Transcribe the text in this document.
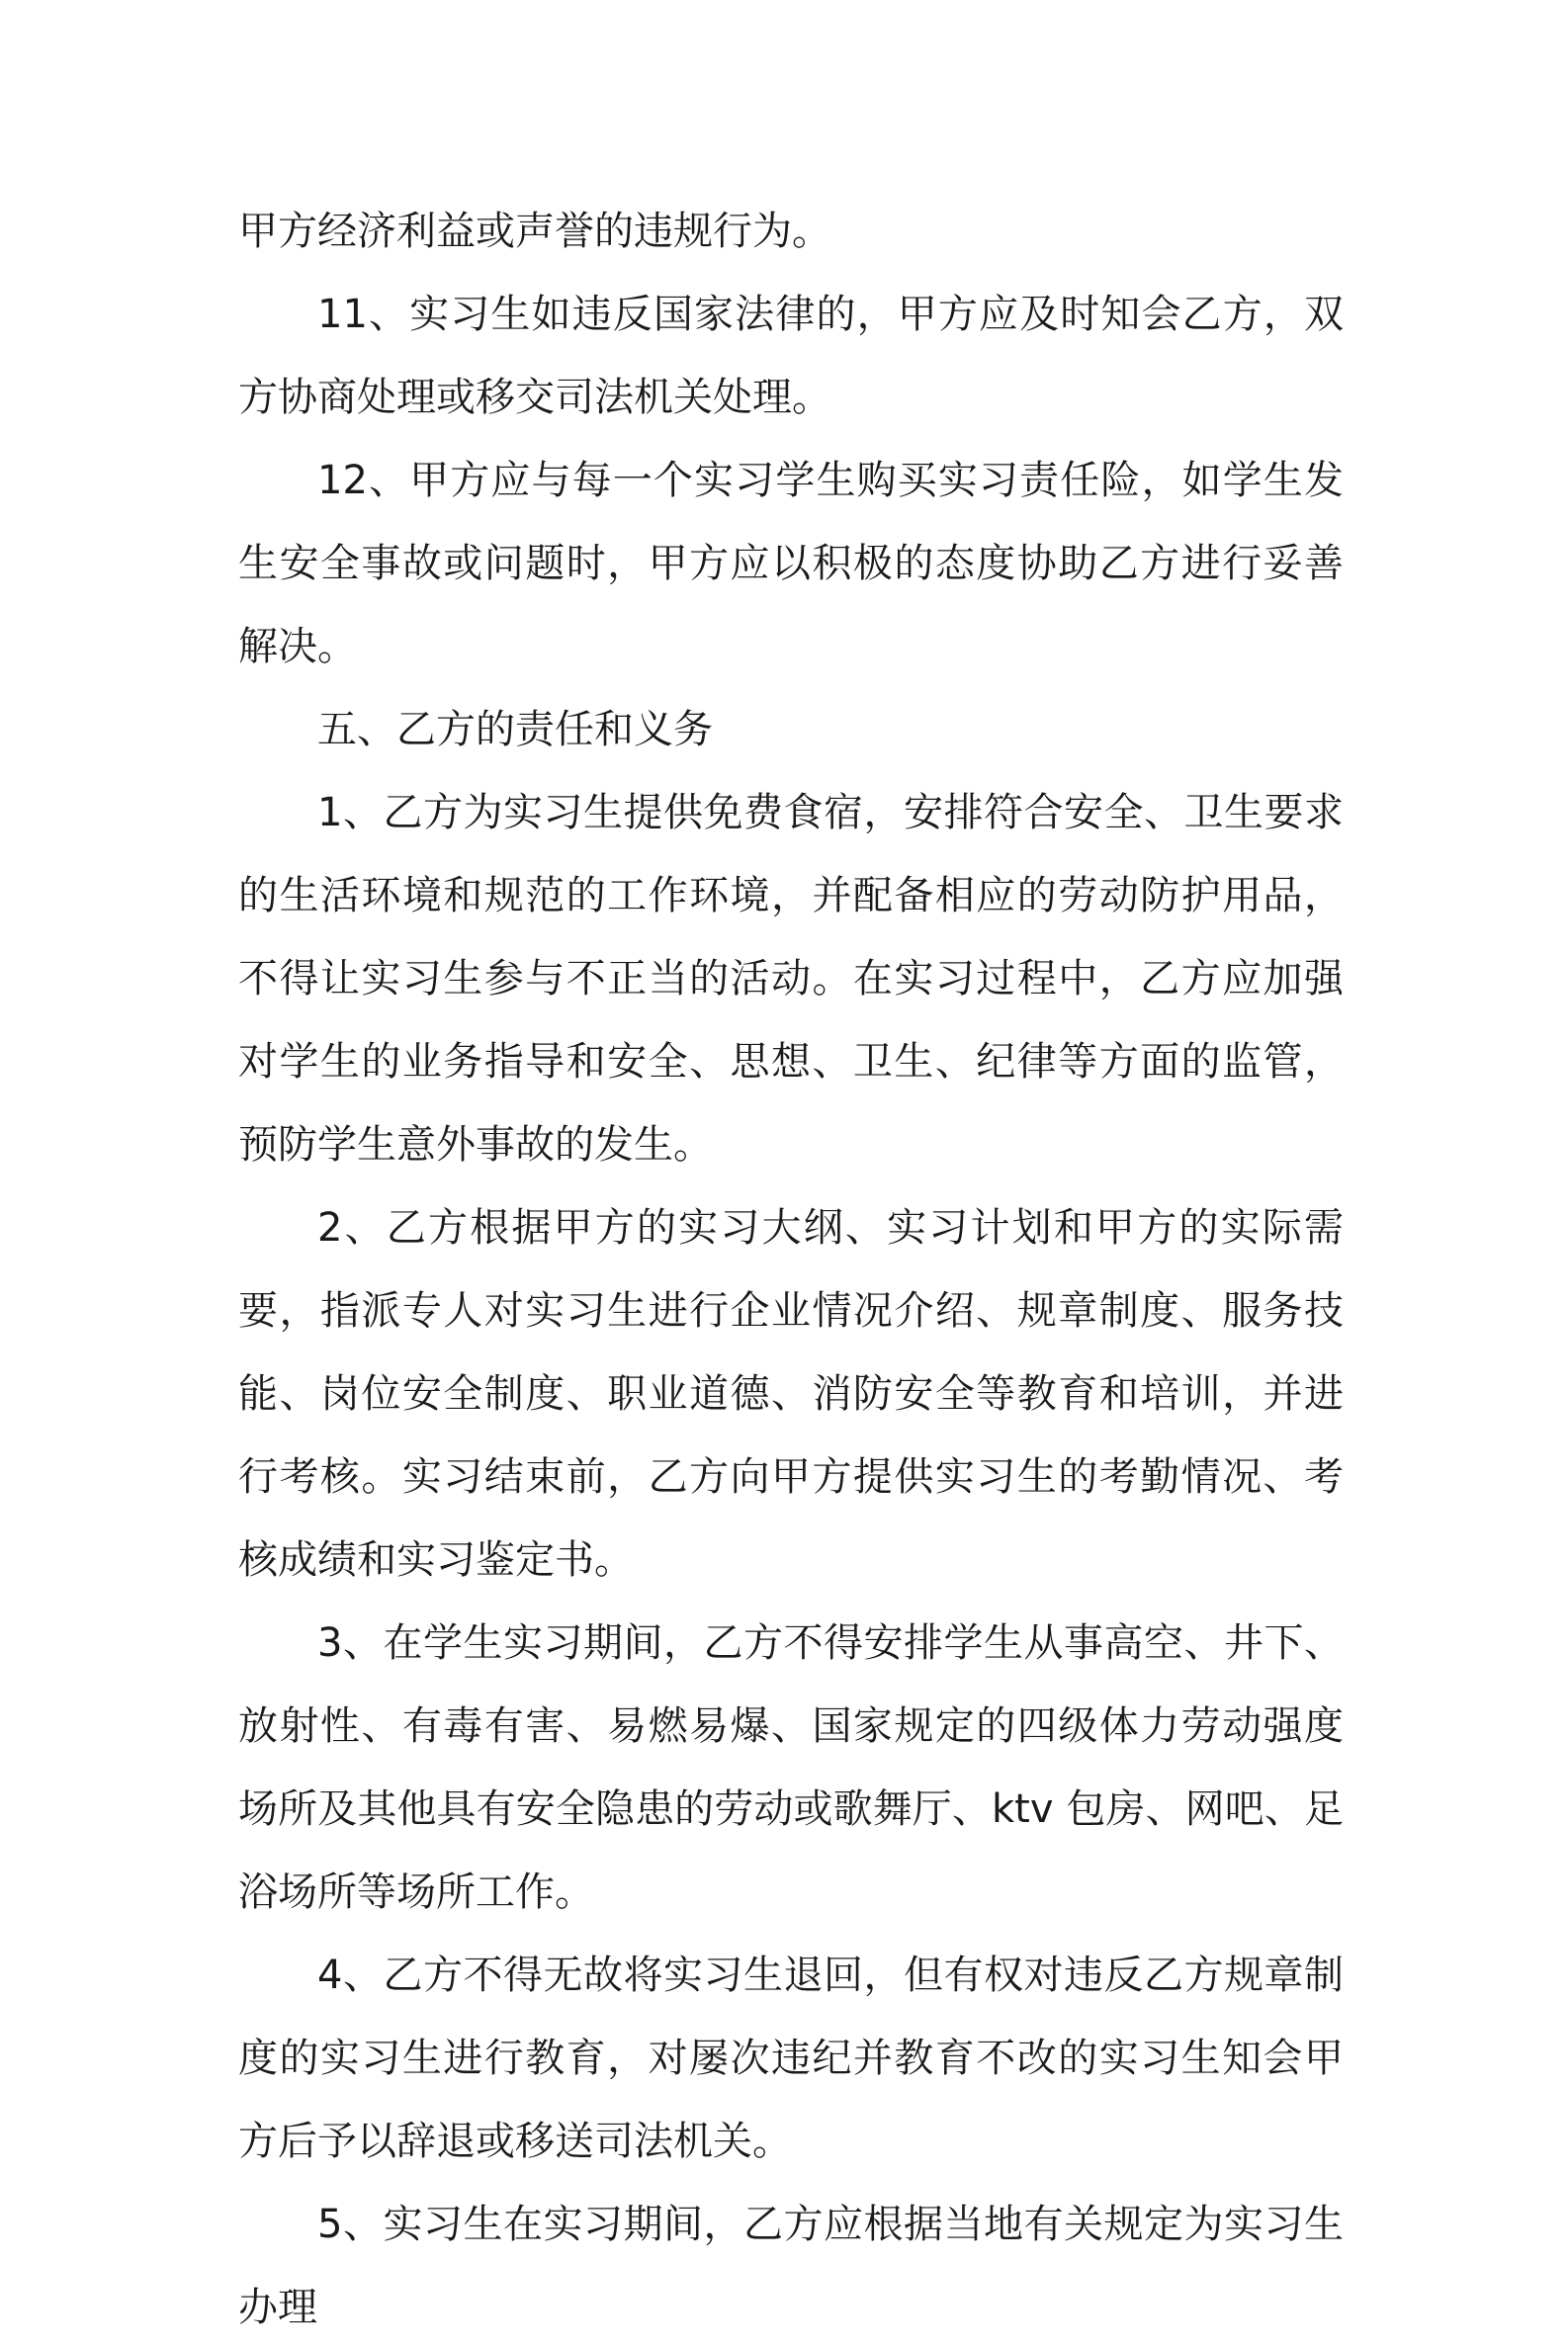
甲方经济利益或声誉的违规行为。

11、实习生如违反国家法律的，甲方应及时知会乙方，双方协商处理或移交司法机关处理。

12、甲方应与每一个实习学生购买实习责任险，如学生发生安全事故或问题时，甲方应以积极的态度协助乙方进行妥善解决。

五、乙方的责任和义务

1、乙方为实习生提供免费食宿，安排符合安全、卫生要求的生活环境和规范的工作环境，并配备相应的劳动防护用品，不得让实习生参与不正当的活动。在实习过程中，乙方应加强对学生的业务指导和安全、思想、卫生、纪律等方面的监管，预防学生意外事故的发生。

2、乙方根据甲方的实习大纲、实习计划和甲方的实际需要，指派专人对实习生进行企业情况介绍、规章制度、服务技能、岗位安全制度、职业道德、消防安全等教育和培训，并进行考核。实习结束前，乙方向甲方提供实习生的考勤情况、考核成绩和实习鉴定书。

3、在学生实习期间，乙方不得安排学生从事高空、井下、放射性、有毒有害、易燃易爆、国家规定的四级体力劳动强度场所及其他具有安全隐患的劳动或歌舞厅、ktv 包房、网吧、足浴场所等场所工作。

4、乙方不得无故将实习生退回，但有权对违反乙方规章制度的实习生进行教育，对屡次违纪并教育不改的实习生知会甲方后予以辞退或移送司法机关。

5、实习生在实习期间，乙方应根据当地有关规定为实习生办理
